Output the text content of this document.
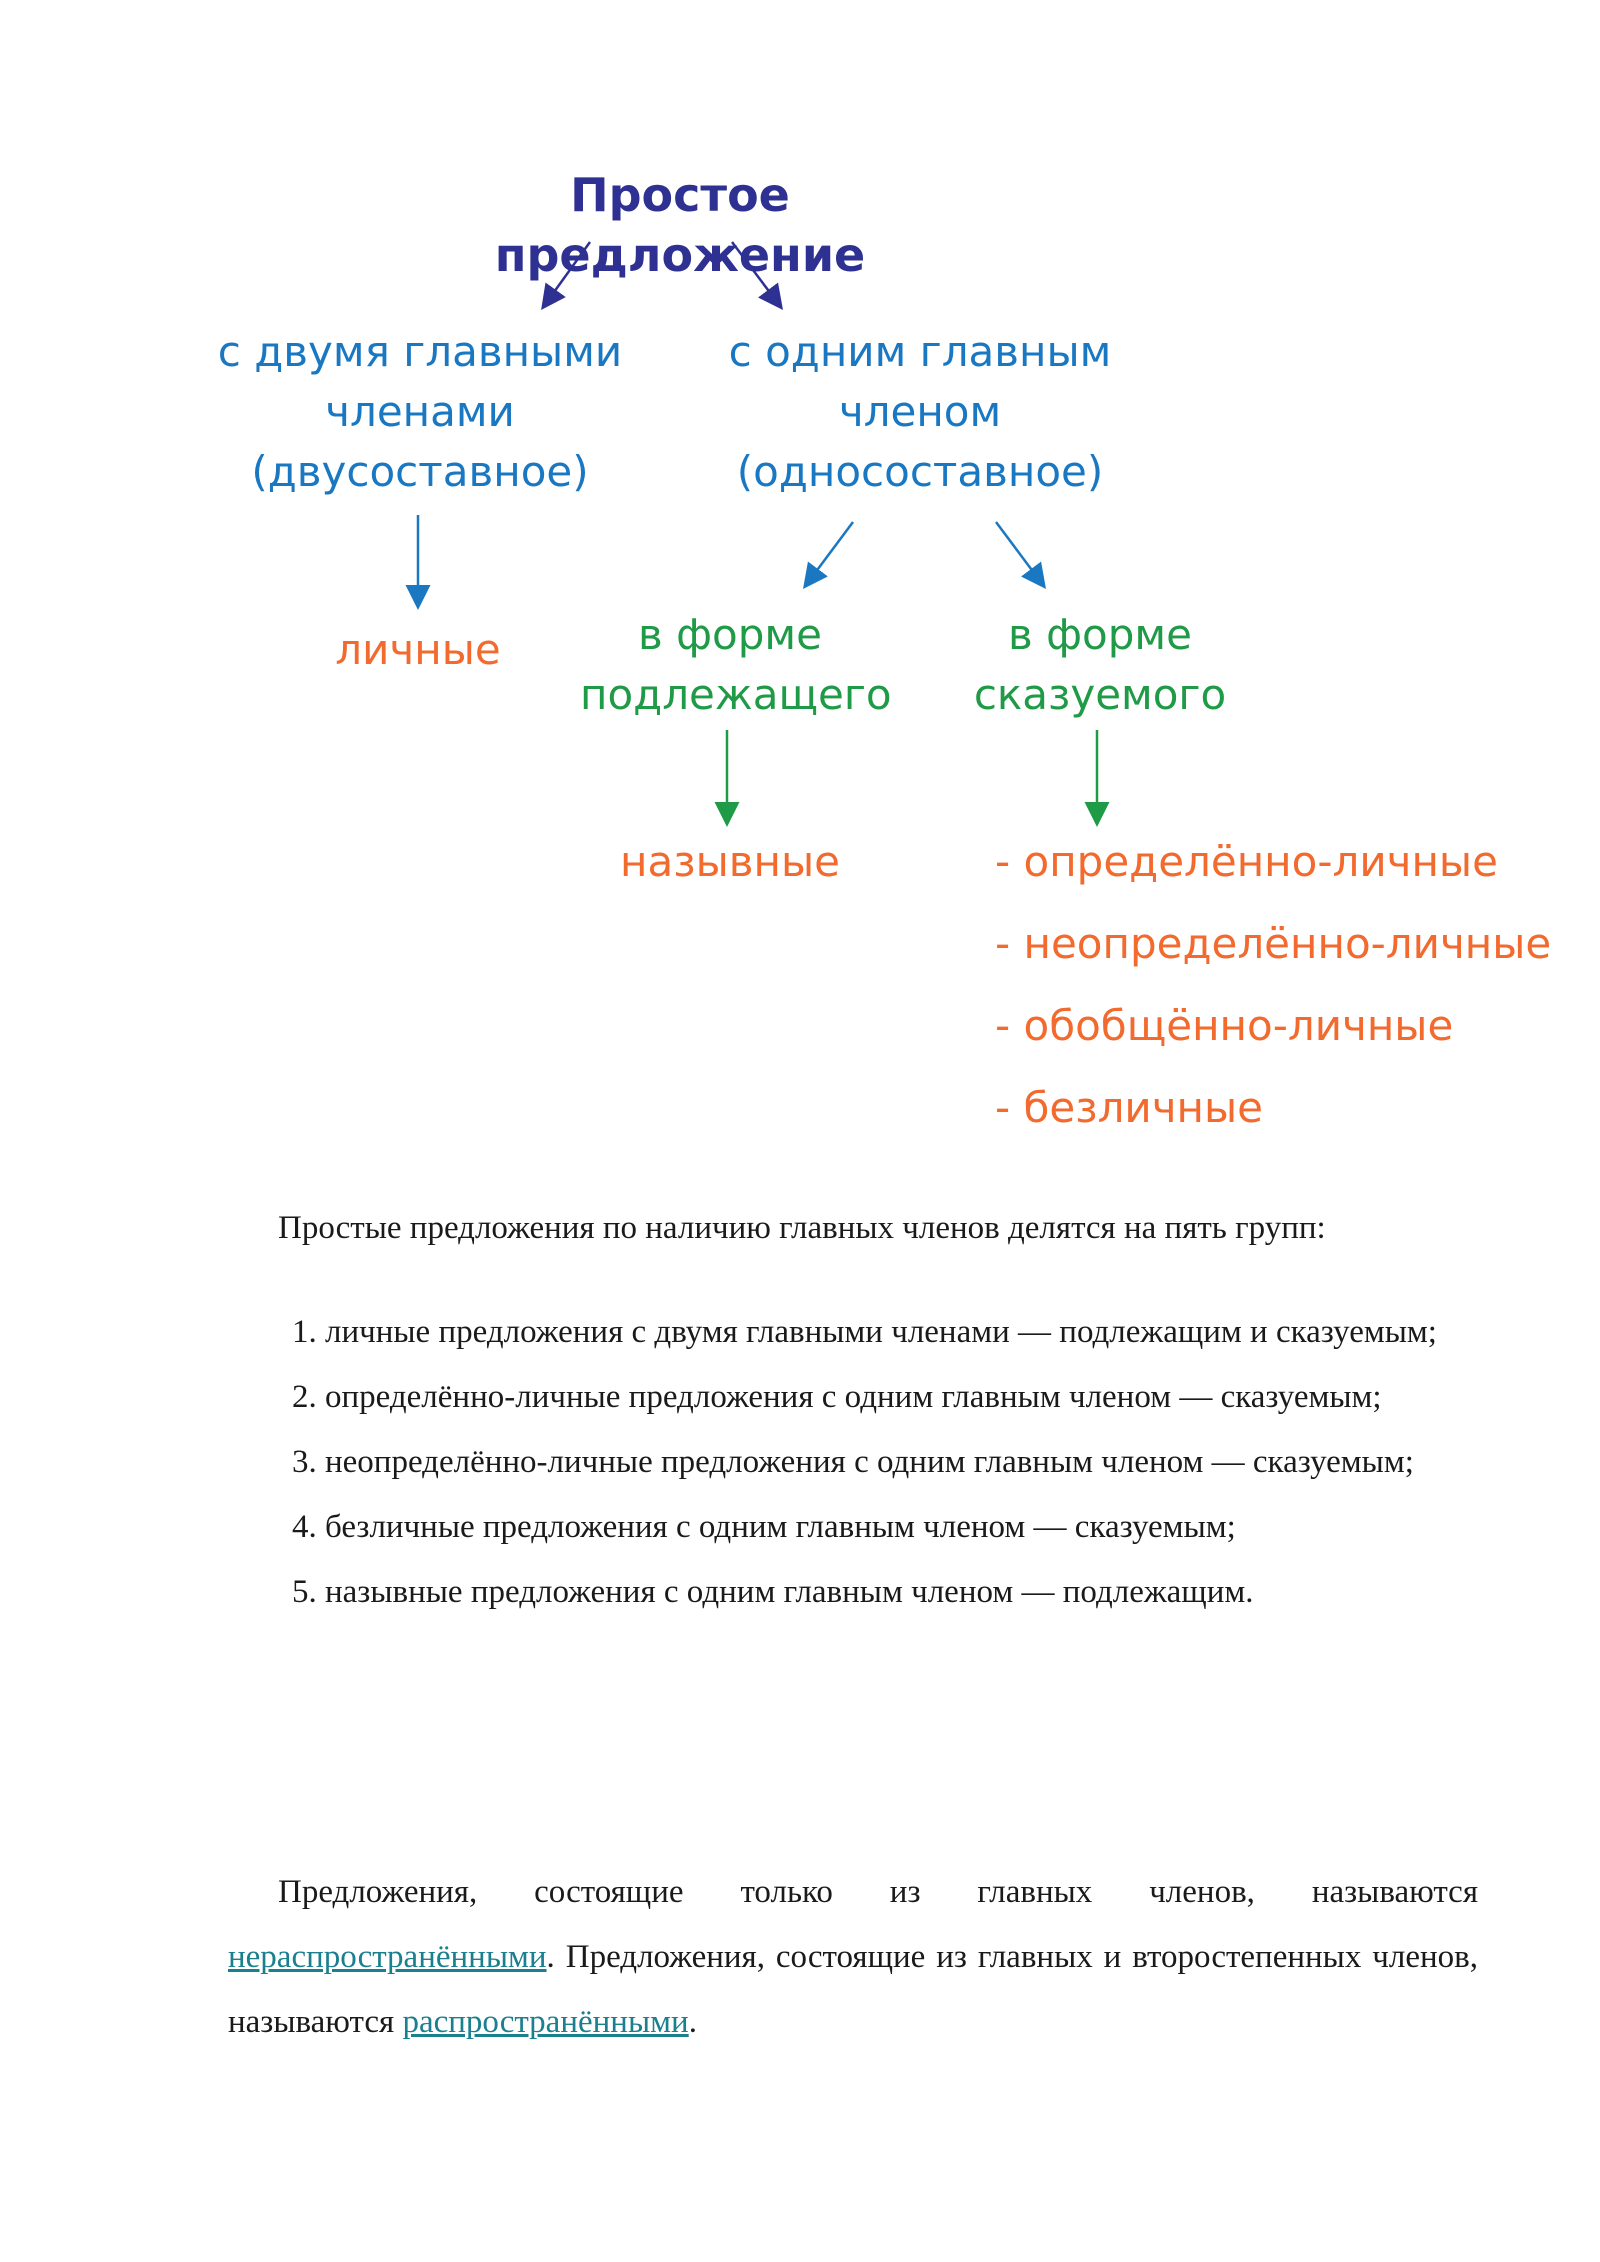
Простое предложение
с двумя главными
членами
(двусоставное)
с одним главным
членом
(односоставное)
личные	в форме
подлежащего
в форме
сказуемого
назывные	- определённо-личные
- неопределённо-личные
- обобщённо-личные
- безличные
Простые предложения по наличию главных членов делятся на пять групп:
1. личные предложения с двумя главными членами — подлежащим и сказуемым;
2. определённо-личные предложения с одним главным членом — сказуемым;
3. неопределённо-личные предложения с одним главным членом — сказуемым;
4. безличные предложения с одним главным членом — сказуемым;
5. назывные предложения с одним главным членом — подлежащим.
Предложения, состоящие только из главных членов, называются нераспространёнными. Предложения, состоящие из главных и второстепенных членов, называются распространёнными.
